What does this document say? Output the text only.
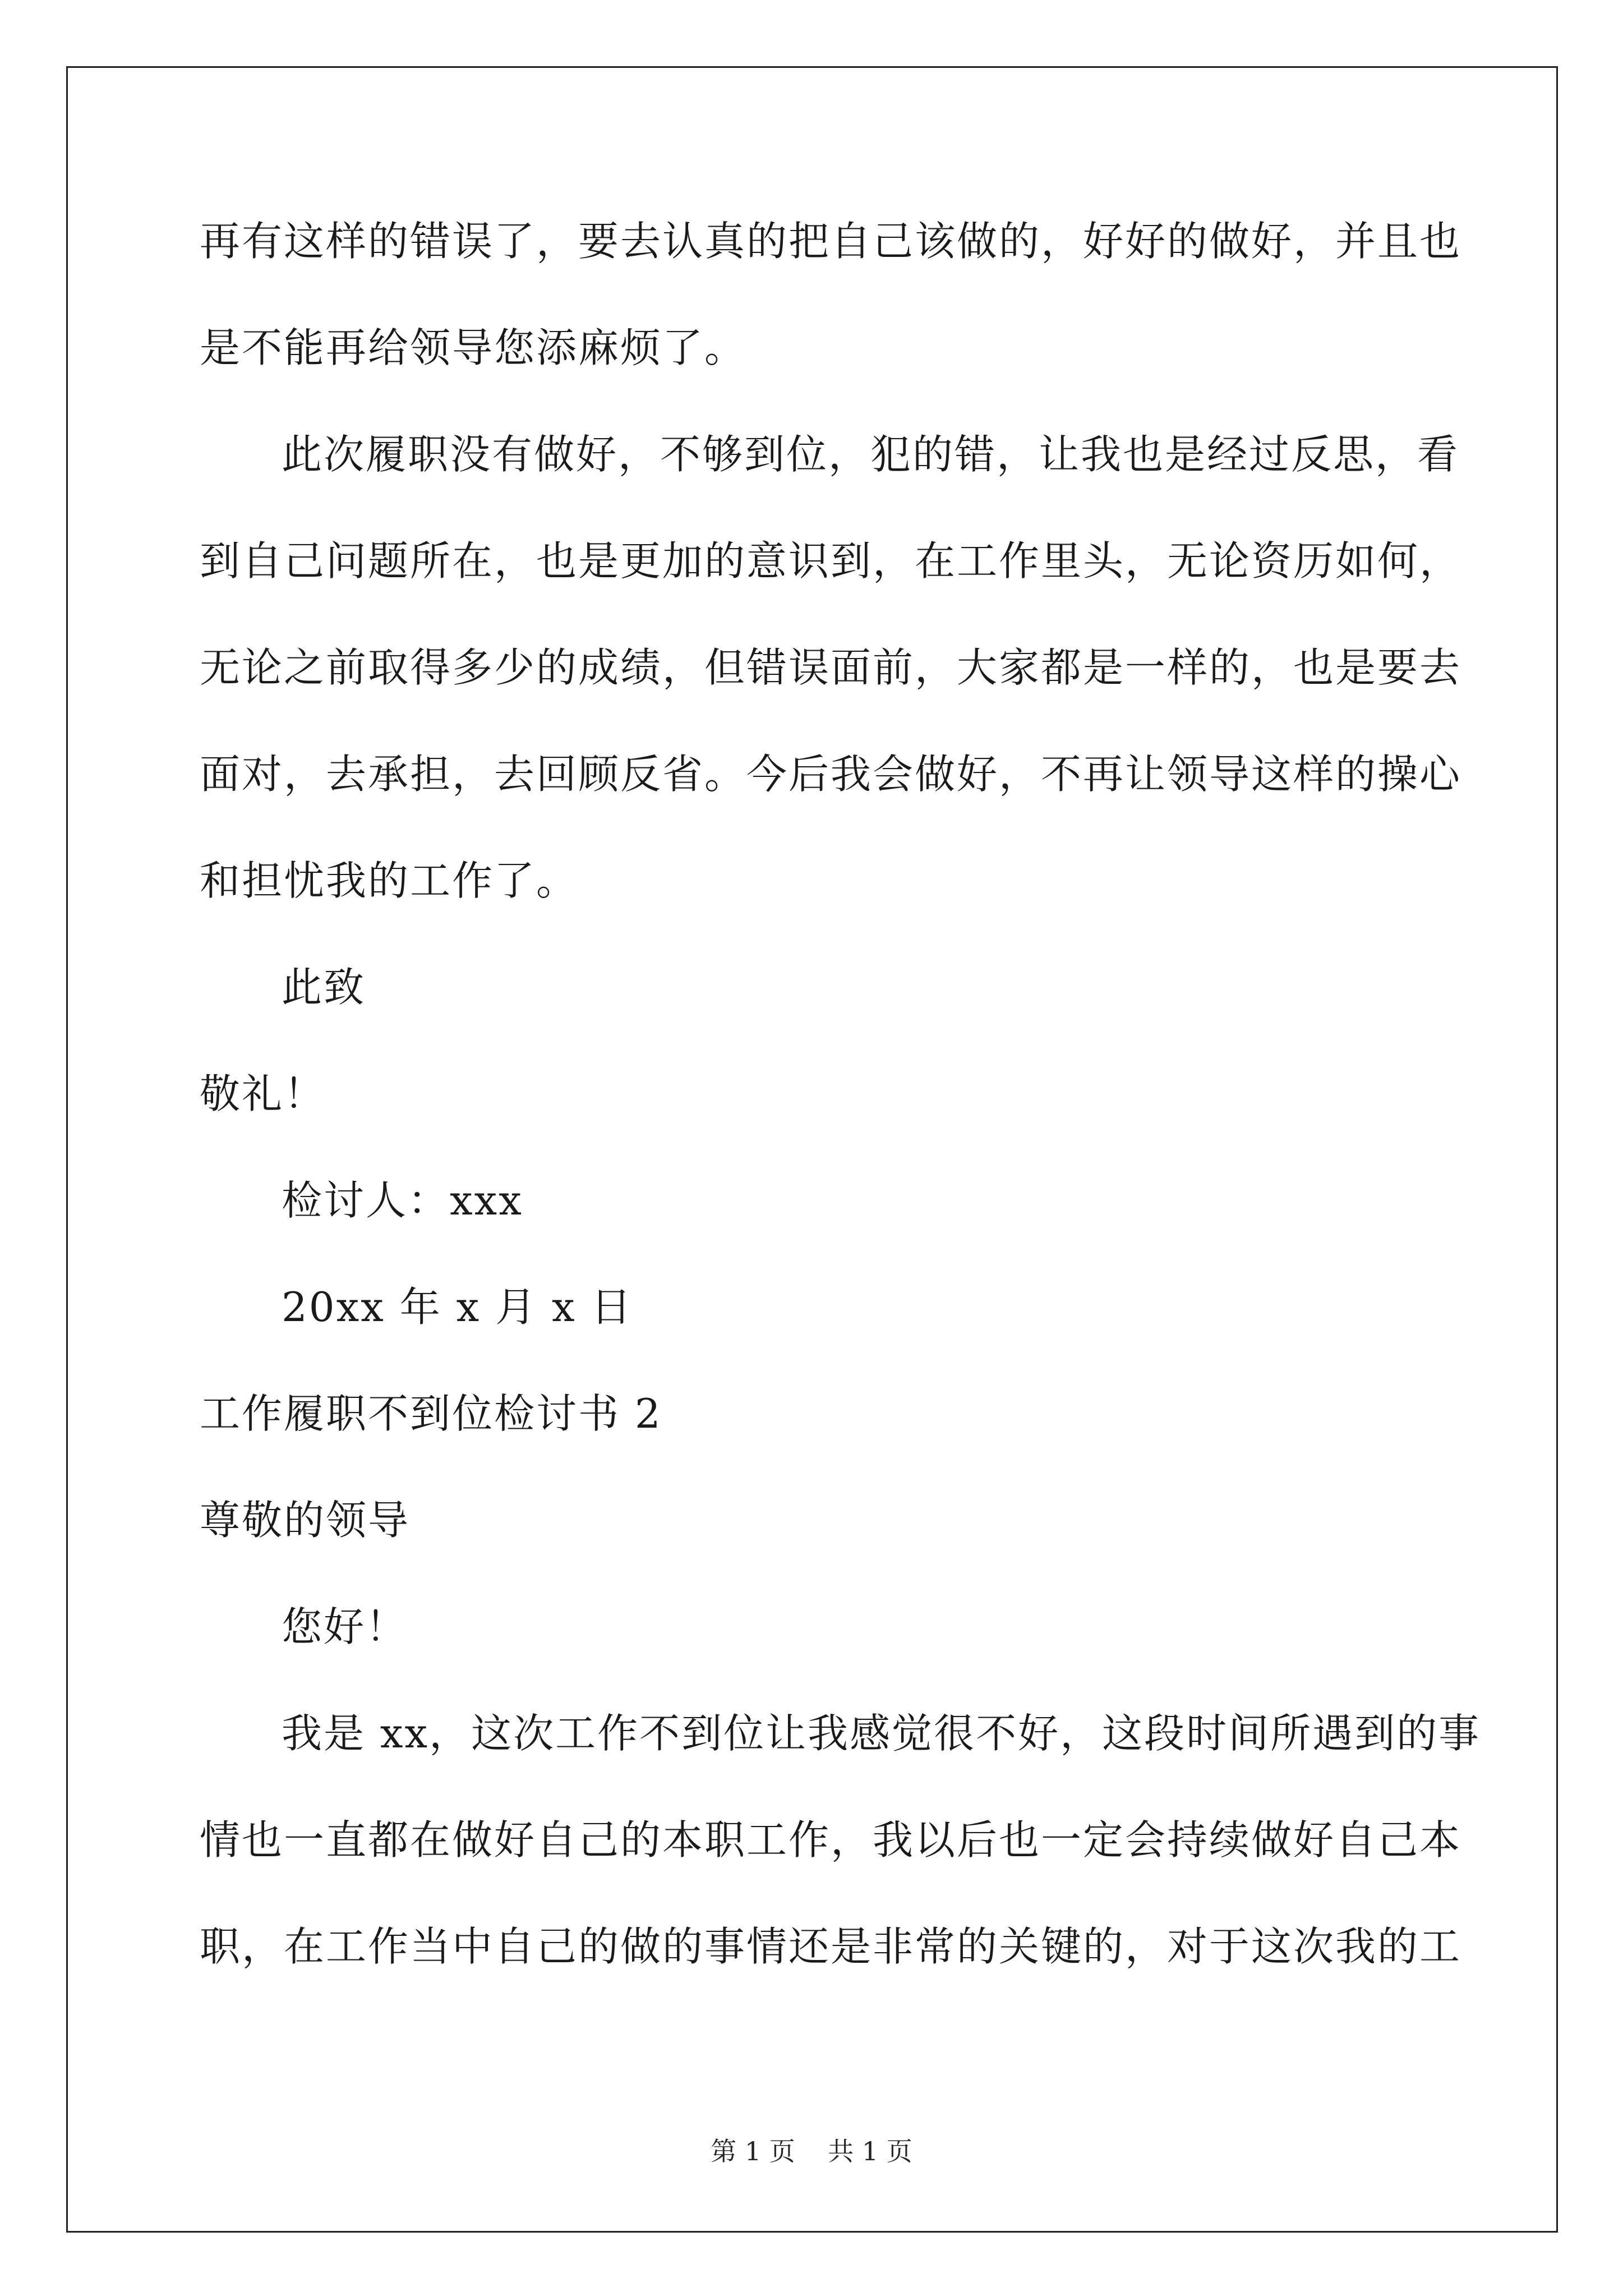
再有这样的错误了，要去认真的把自己该做的，好好的做好，并且也
是不能再给领导您添麻烦了。
此次履职没有做好，不够到位，犯的错，让我也是经过反思，看
到自己问题所在，也是更加的意识到，在工作里头，无论资历如何，
无论之前取得多少的成绩，但错误面前，大家都是一样的，也是要去
面对，去承担，去回顾反省。今后我会做好，不再让领导这样的操心
和担忧我的工作了。
此致
敬礼！
检讨人：xxx
20xx 年 x 月 x 日
工作履职不到位检讨书 2
尊敬的领导
您好！
我是 xx，这次工作不到位让我感觉很不好，这段时间所遇到的事
情也一直都在做好自己的本职工作，我以后也一定会持续做好自己本
职，在工作当中自己的做的事情还是非常的关键的，对于这次我的工
第 1 页 共 1 页
